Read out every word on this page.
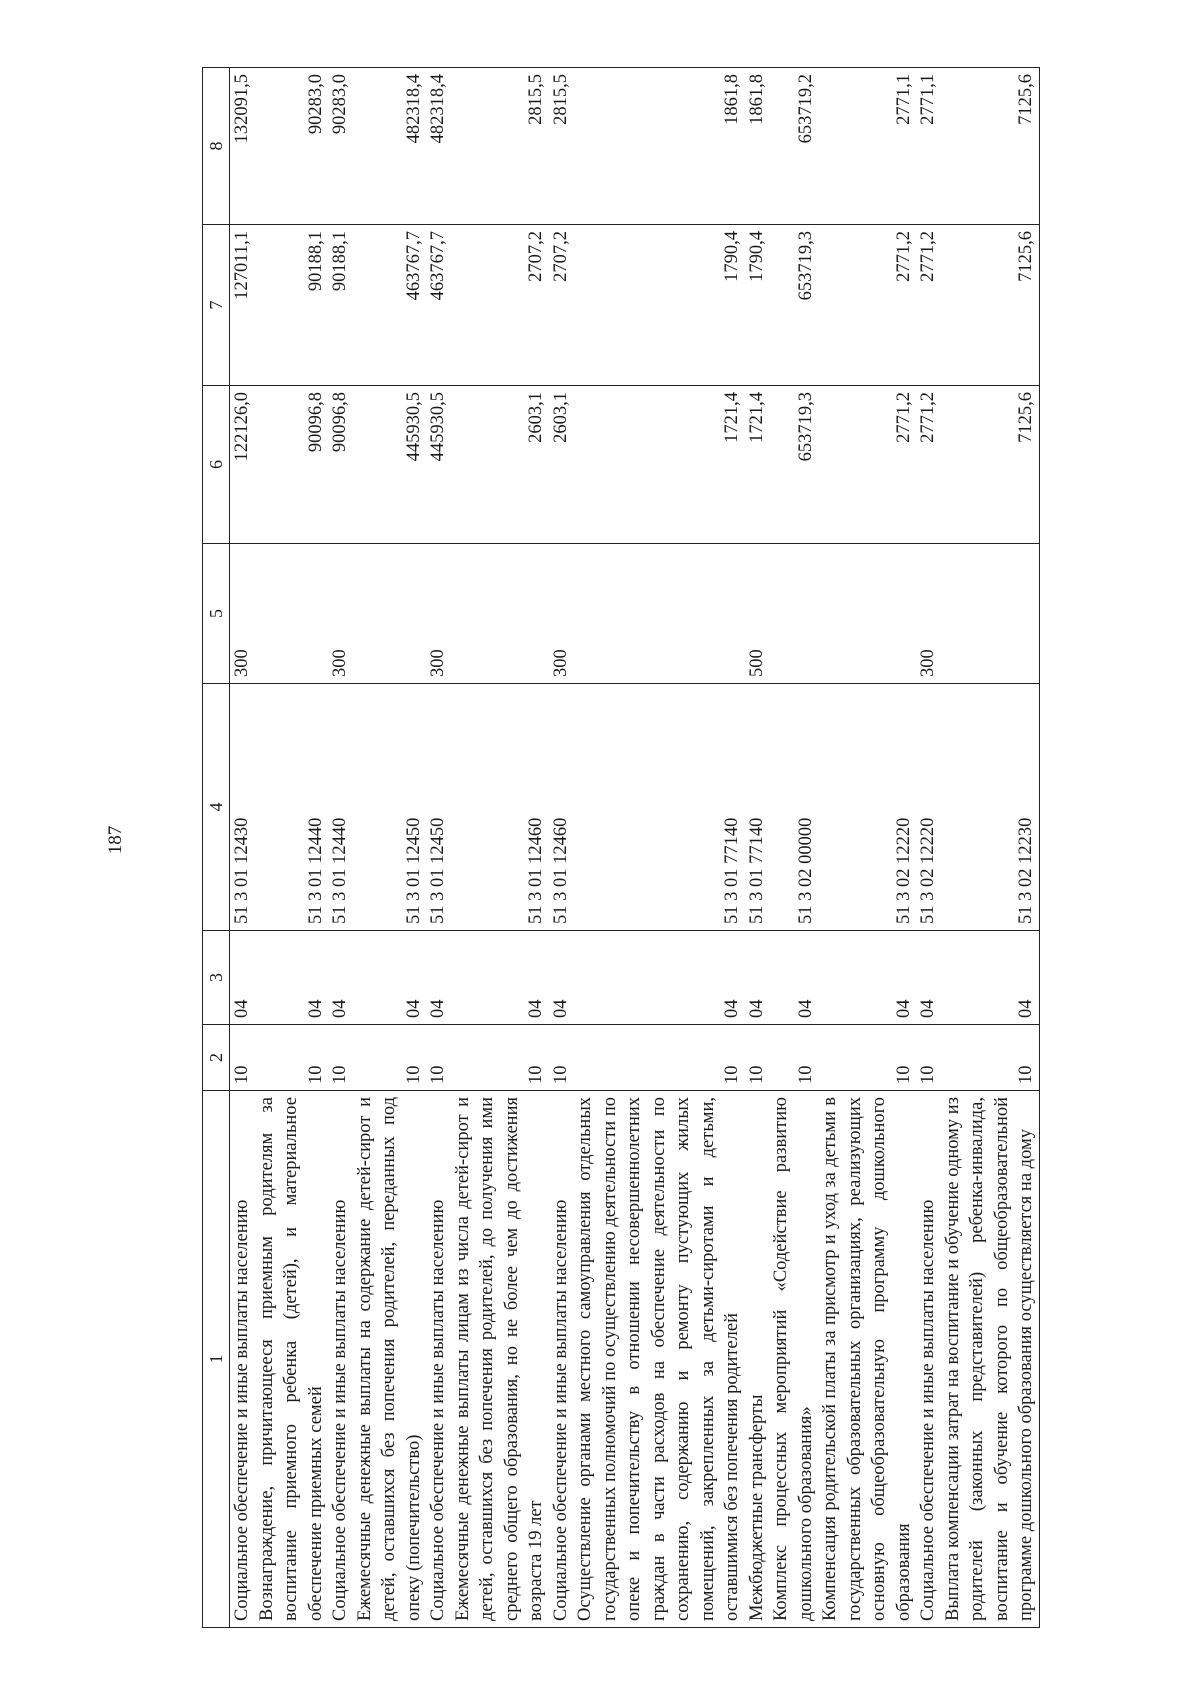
187
1	2	3	4	5	6	7	8
Социальное обеспечение и иные выплаты населению	10	04	51 3 01 12430	300	122126,0	127011,1	132091,5
Вознаграждение, причитающееся приемным родителям за воспитание приемного ребенка (детей), и материальное обеспечение приемных семей	10	04	51 3 01 12440		90096,8	90188,1	90283,0
Социальное обеспечение и иные выплаты населению	10	04	51 3 01 12440	300	90096,8	90188,1	90283,0
Ежемесячные денежные выплаты на содержание детей-сирот и детей, оставшихся без попечения родителей, переданных под опеку (попечительство)	10	04	51 3 01 12450		445930,5	463767,7	482318,4
Социальное обеспечение и иные выплаты населению	10	04	51 3 01 12450	300	445930,5	463767,7	482318,4
Ежемесячные денежные выплаты лицам из числа детей-сирот и детей, оставшихся без попечения родителей, до получения ими среднего общего образования, но не более чем до достижения возраста 19 лет	10	04	51 3 01 12460		2603,1	2707,2	2815,5
Социальное обеспечение и иные выплаты населению	10	04	51 3 01 12460	300	2603,1	2707,2	2815,5
Осуществление органами местного самоуправления отдельных государственных полномочий по осуществлению деятельности по опеке и попечительству в отношении несовершеннолетних граждан в части расходов на обеспечение деятельности по сохранению, содержанию и ремонту пустующих жилых помещений, закрепленных за детьми-сиротами и детьми, оставшимися без попечения родителей	10	04	51 3 01 77140		1721,4	1790,4	1861,8
Межбюджетные трансферты	10	04	51 3 01 77140	500	1721,4	1790,4	1861,8
Комплекс процессных мероприятий «Содействие развитию дошкольного образования»	10	04	51 3 02 00000		653719,3	653719,3	653719,2
Компенсация родительской платы за присмотр и уход за детьми в государственных образовательных организациях, реализующих основную общеобразовательную программу дошкольного образования	10	04	51 3 02 12220		2771,2	2771,2	2771,1
Социальное обеспечение и иные выплаты населению	10	04	51 3 02 12220	300	2771,2	2771,2	2771,1
Выплата компенсации затрат на воспитание и обучение одному из родителей (законных представителей) ребенка-инвалида, воспитание и обучение которого по общеобразовательной программе дошкольного образования осуществляется на дому	10	04	51 3 02 12230		7125,6	7125,6	7125,6
